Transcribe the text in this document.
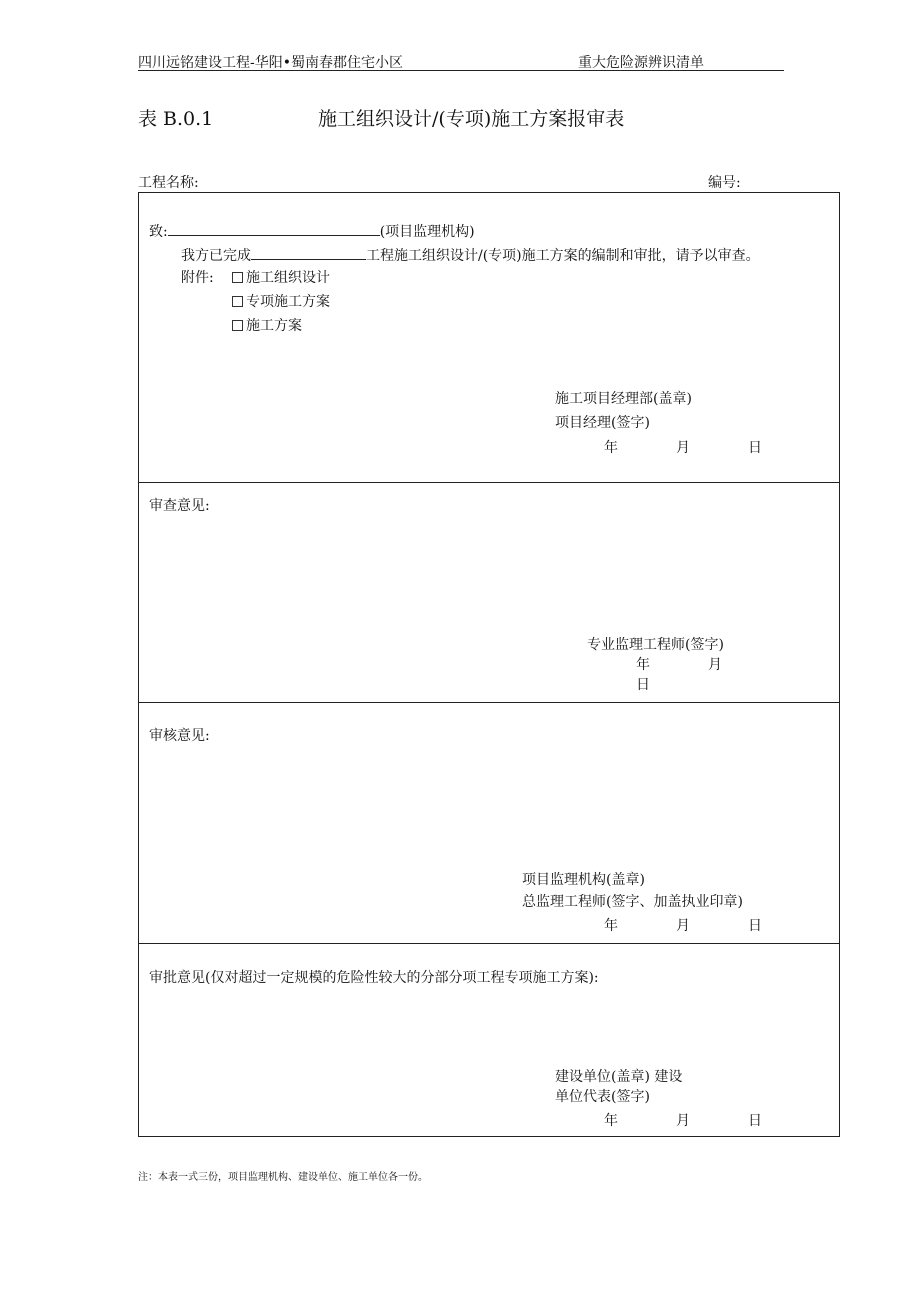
四川远铭建设工程-华阳•蜀南春郡住宅小区	重大危险源辨识清单
表 B.0.1	施工组织设计/(专项)施工方案报审表
工程名称:	编号:
致:	(项目监理机构)
我方已完成	工程施工组织设计/(专项)施工方案的编制和审批，请予以审查。
附件:	施工组织设计
专项施工方案
施工方案
施工项目经理部(盖章)
项目经理(签字)
年	月	日
审查意见:
专业监理工程师(签字)
年	月
日
审核意见:
项目监理机构(盖章)
总监理工程师(签字、加盖执业印章)
年	月	日
审批意见(仅对超过一定规模的危险性较大的分部分项工程专项施工方案):
建设单位(盖章) 建设
单位代表(签字)
年	月	日
注：本表一式三份，项目监理机构、建设单位、施工单位各一份。
